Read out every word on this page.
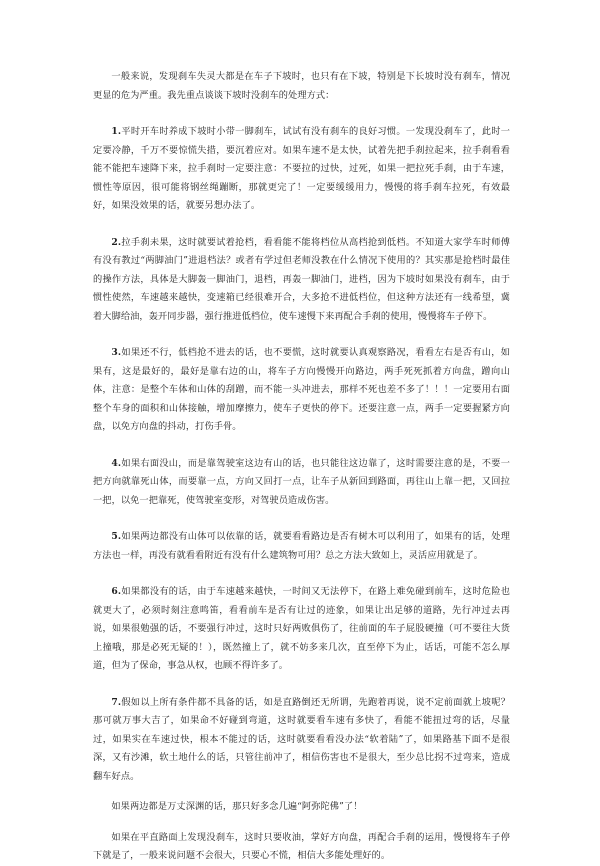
一般来说，发现刹车失灵大都是在车子下坡时，也只有在下坡，特别是下长坡时没有刹车，情况更显的危为严重。我先重点谈谈下坡时没刹车的处理方式：

1.平时开车时养成下坡时小带一脚刹车，试试有没有刹车的良好习惯。一发现没刹车了，此时一定要冷静，千万不要惊慌失措，要沉着应对。如果车速不是太快，试着先把手刹拉起来，拉手刹看看能不能把车速降下来，拉手刹时一定要注意：不要拉的过快，过死，如果一把拉死手刹，由于车速，惯性等原因，很可能将钢丝绳蹦断，那就更完了！一定要缓缓用力，慢慢的将手刹车拉死，有效最好，如果没效果的话，就要另想办法了。

2.拉手刹未果，这时就要试着抢档，看看能不能将档位从高档抢到低档。不知道大家学车时师傅有没有教过“两脚油门”进退档法？或者有学过但老师没教在什么情况下使用的？其实那是抢档时最佳的操作方法，具体是大脚轰一脚油门，退档，再轰一脚油门，进档，因为下坡时如果没有刹车，由于惯性使然，车速越来越快，变速箱已经很难开合，大多抢不进低档位，但这种方法还有一线希望，冀着大脚给油，轰开同步器，强行推进低档位，使车速慢下来再配合手刹的使用，慢慢将车子停下。

3.如果还不行，低档抢不进去的话，也不要慌，这时就要认真观察路况，看看左右是否有山，如果有，这是最好的，最好是靠右边的山，将车子方向慢慢开向路边，两手死死抓着方向盘，蹭向山体，注意：是整个车体和山体的刮蹭，而不能一头冲进去，那样不死也差不多了！！！一定要用右面整个车身的面积和山体接触，增加摩擦力，使车子更快的停下。还要注意一点，两手一定要握紧方向盘，以免方向盘的抖动，打伤手骨。

4.如果右面没山，而是靠驾驶室这边有山的话，也只能往这边靠了，这时需要注意的是，不要一把方向就靠死山体，而要靠一点，方向又回打一点，让车子从新回到路面，再往山上靠一把，又回拉一把，以免一把靠死，使驾驶室变形，对驾驶员造成伤害。

5.如果两边都没有山体可以依靠的话，就要看看路边是否有树木可以利用了，如果有的话，处理方法也一样，再没有就看看附近有没有什么建筑物可用？总之方法大致如上，灵活应用就是了。

6.如果都没有的话，由于车速越来越快，一时间又无法停下，在路上难免碰到前车，这时危险也就更大了，必须时刻注意鸣笛，看看前车是否有让过的迹象，如果让出足够的道路，先行冲过去再说，如果很勉强的话，不要强行冲过，这时只好两败俱伤了，往前面的车子屁股硬撞（可不要往大货上撞哦，那是必死无疑的！），既然撞上了，就不妨多来几次，直至停下为止，话话，可能不怎么厚道，但为了保命，事急从权，也顾不得许多了。

7.假如以上所有条件都不具备的话，如是直路倒还无所谓，先跑着再说，说不定前面就上坡呢？那可就万事大吉了，如果命不好碰到弯道，这时就要看车速有多快了，看能不能扭过弯的话，尽量过，如果实在车速过快，根本不能过的话，这时就要看看没办法“软着陆”了，如果路基下面不是很深，又有沙滩，软土地什么的话，只管往前冲了，相信伤害也不是很大，至少总比拐不过弯来，造成翻车好点。

如果两边都是万丈深渊的话，那只好多念几遍“阿弥陀佛”了！

如果在平直路面上发现没刹车，这时只要收油，掌好方向盘，再配合手刹的运用，慢慢将车子停下就是了，一般来说问题不会很大，只要心不慌，相信大多能处理好的。
